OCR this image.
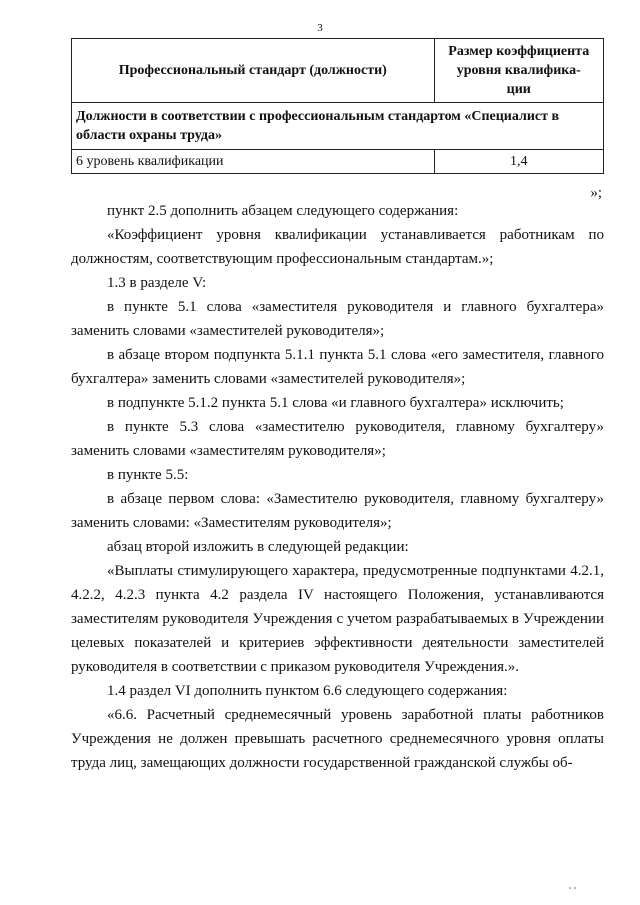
3
Профессиональный стандарт (должности)	Размер коэффициента
уровня квалифика-
ции
Должности в соответствии с профессиональным стандартом «Специалист в
области охраны труда»	
6 уровень квалификации	1,4
»;

пункт 2.5 дополнить абзацем следующего содержания:

«Коэффициент уровня квалификации устанавливается работникам по должностям, соответствующим профессиональным стандартам.»;

1.3 в разделе V:

в пункте 5.1 слова «заместителя руководителя и главного бухгалтера» заменить словами «заместителей руководителя»;

в абзаце втором подпункта 5.1.1 пункта 5.1 слова «его заместителя, главного бухгалтера» заменить словами «заместителей руководителя»;

в подпункте 5.1.2 пункта 5.1 слова «и главного бухгалтера» исключить;

в пункте 5.3 слова «заместителю руководителя, главному бухгалтеру» заменить словами «заместителям руководителя»;

в пункте 5.5:

в абзаце первом слова: «Заместителю руководителя, главному бухгалтеру» заменить словами: «Заместителям руководителя»;

абзац второй изложить в следующей редакции:

«Выплаты стимулирующего характера, предусмотренные подпунктами 4.2.1, 4.2.2, 4.2.3 пункта 4.2 раздела IV настоящего Положения, устанавливаются заместителям руководителя Учреждения с учетом разрабатываемых в Учреждении целевых показателей и критериев эффективности деятельности заместителей руководителя в соответствии с приказом руководителя Учреждения.».

1.4 раздел VI дополнить пунктом 6.6 следующего содержания:

«6.6. Расчетный среднемесячный уровень заработной платы работников Учреждения не должен превышать расчетного среднемесячного уровня оплаты труда лиц, замещающих должности государственной гражданской службы об-
